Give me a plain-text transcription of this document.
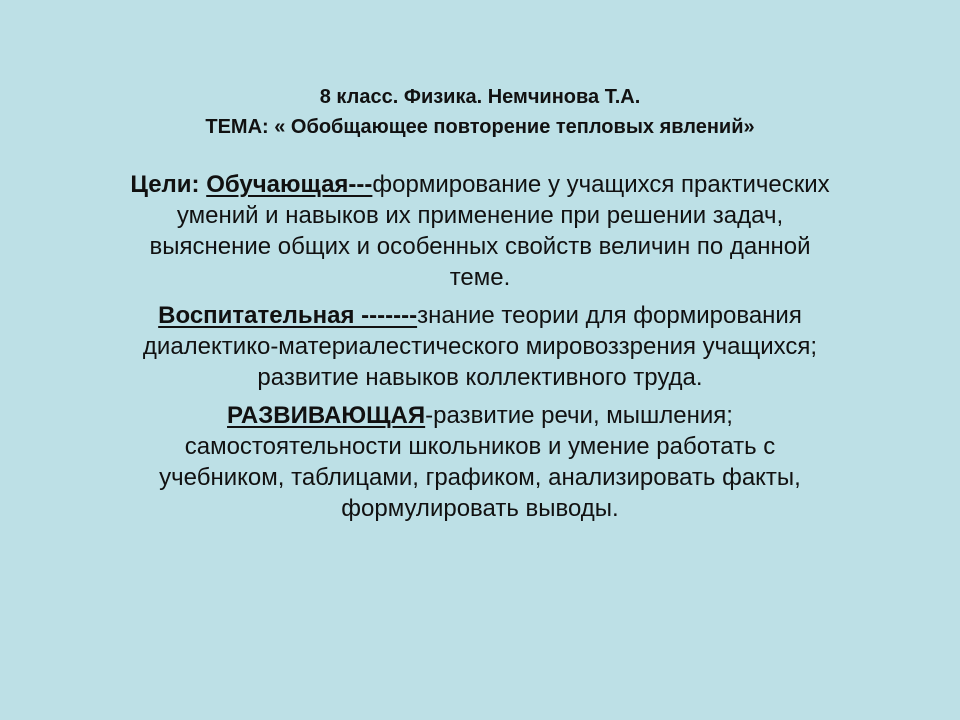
8 класс. Физика. Немчинова Т.А.
ТЕМА: « Обобщающее повторение тепловых явлений»

Цели: Обучающая---формирование у учащихся практических умений и навыков их применение при решении задач, выяснение общих и особенных свойств величин по данной теме.

Воспитательная -------знание теории для формирования диалектико-материалестического мировоззрения учащихся; развитие навыков коллективного труда.

РАЗВИВАЮЩАЯ-развитие речи, мышления; самостоятельности школьников и умение работать с учебником, таблицами, графиком, анализировать факты, формулировать выводы.
